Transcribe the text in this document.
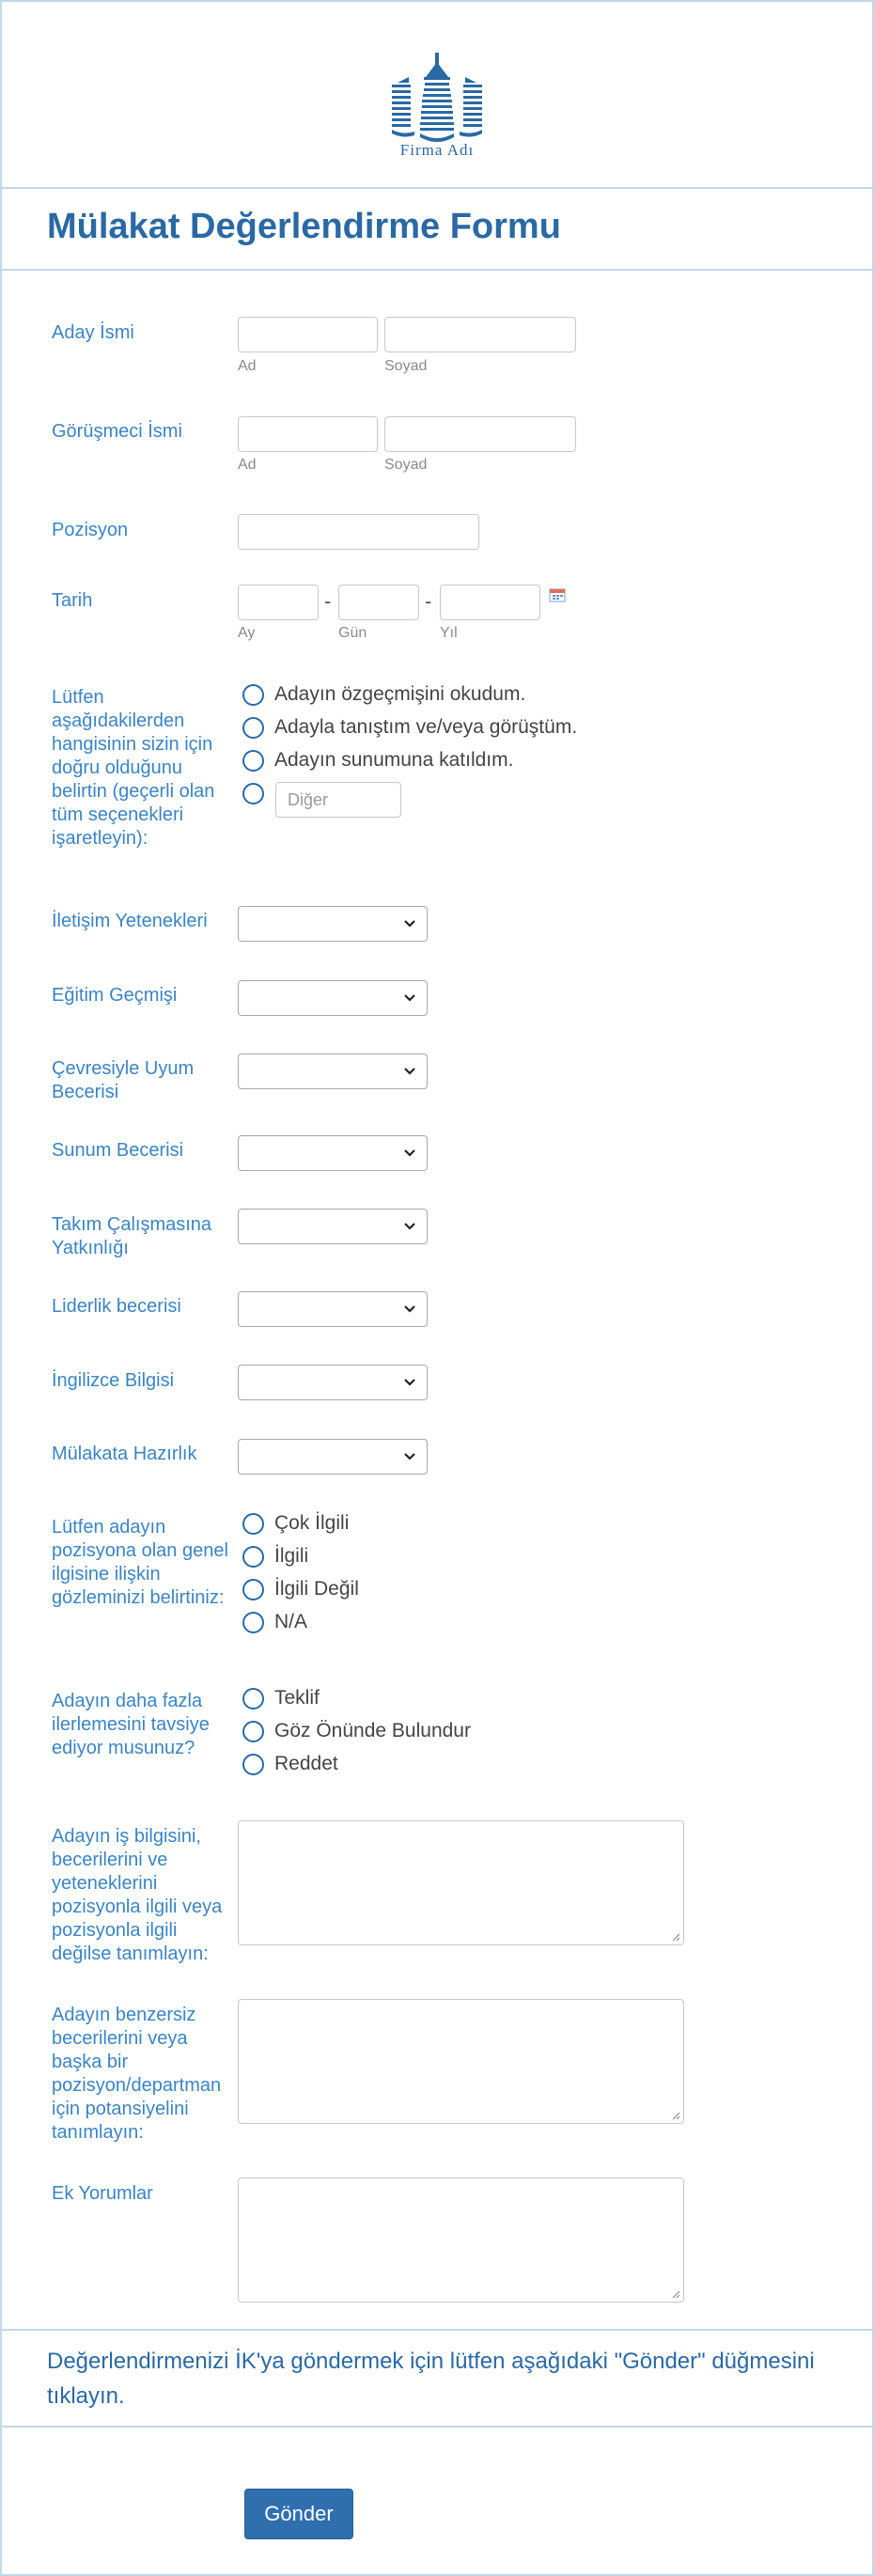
Firma Adı
Mülakat Değerlendirme Formu
Aday İsmi
Ad	Soyad
Görüşmeci İsmi
Ad	Soyad
Pozisyon
Tarih	-	-
Ay	Gün	Yıl
Lütfen aşağıdakilerden hangisinin sizin için doğru olduğunu belirtin (geçerli olan tüm seçenekleri işaretleyin):
Adayın özgeçmişini okudum.
Adayla tanıştım ve/veya görüştüm.
Adayın sunumuna katıldım.
Diğer
İletişim Yetenekleri
Eğitim Geçmişi
Çevresiyle Uyum Becerisi
Sunum Becerisi
Takım Çalışmasına Yatkınlığı
Liderlik becerisi
İngilizce Bilgisi
Mülakata Hazırlık
Lütfen adayın pozisyona olan genel ilgisine ilişkin gözleminizi belirtiniz:
Çok İlgili
İlgili
İlgili Değil
N/A
Adayın daha fazla ilerlemesini tavsiye ediyor musunuz?
Teklif
Göz Önünde Bulundur
Reddet
Adayın iş bilgisini, becerilerini ve yeteneklerini pozisyonla ilgili veya pozisyonla ilgili değilse tanımlayın:
Adayın benzersiz becerilerini veya başka bir pozisyon/departman için potansiyelini tanımlayın:
Ek Yorumlar
Değerlendirmenizi İK'ya göndermek için lütfen aşağıdaki "Gönder" düğmesini tıklayın.
Gönder
